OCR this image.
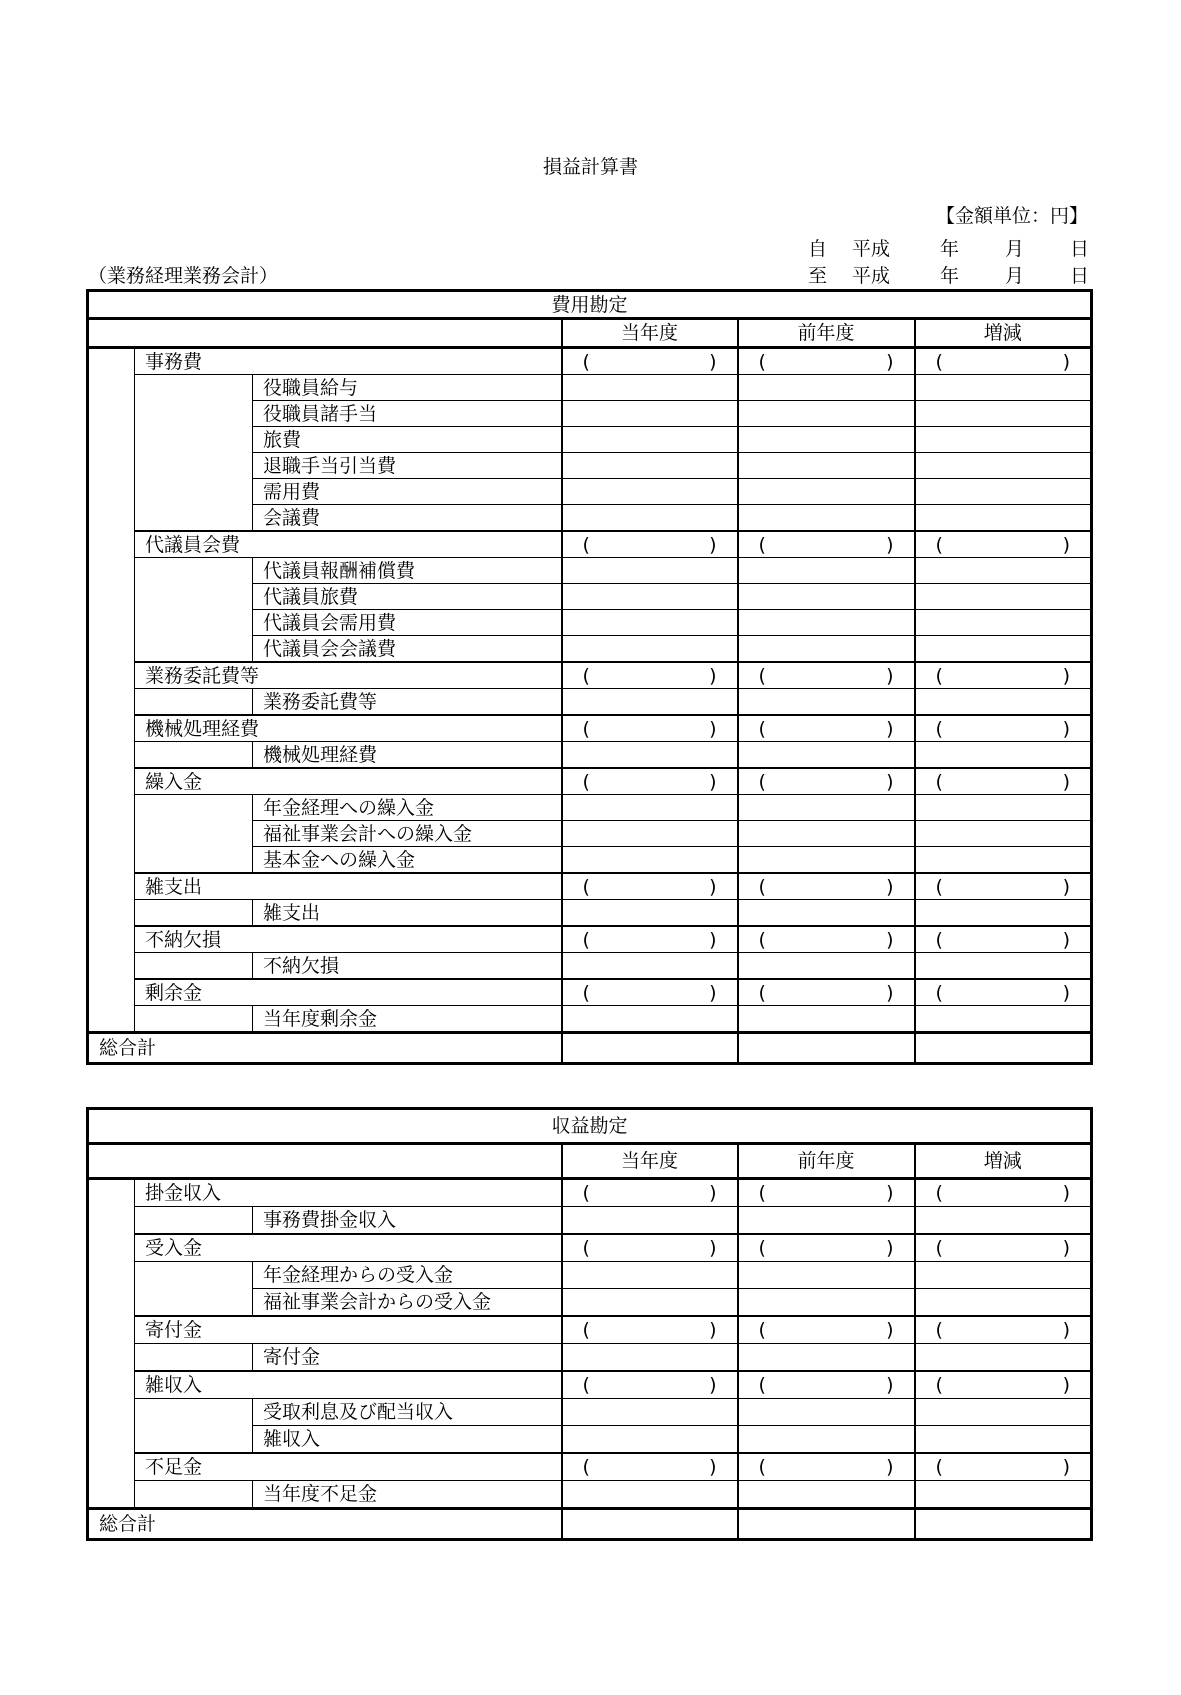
損益計算書
【金額単位：円】
自 平成	年 月 日
至 平成	年 月 日
（業務経理業務会計）
費用勘定					
			当年度	前年度	増減
	事務費		( )	( )	( )

		役職員給与			
		役職員諸手当			
		旅費			
		退職手当引当費			
		需用費			
		会議費			
	代議員会費		( )	( )	( )

		代議員報酬補償費			
		代議員旅費			
		代議員会需用費			
		代議員会会議費			
	業務委託費等		( )	( )	( )

		業務委託費等			
	機械処理経費		( )	( )	( )

		機械処理経費			
	繰入金		( )	( )	( )

		年金経理への繰入金			
		福祉事業会計への繰入金			
		基本金への繰入金			
	雑支出		( )	( )	( )

		雑支出			
	不納欠損		( )	( )	( )

		不納欠損			
	剰余金		( )	( )	( )

		当年度剰余金			
総合計					
収益勘定					
			当年度	前年度	増減
	掛金収入		( )	( )	( )

		事務費掛金収入			
	受入金		( )	( )	( )

		年金経理からの受入金			
		福祉事業会計からの受入金			
	寄付金		( )	( )	( )

		寄付金			
	雑収入		( )	( )	( )

		受取利息及び配当収入			
		雑収入			
	不足金		( )	( )	( )

		当年度不足金			
総合計					
